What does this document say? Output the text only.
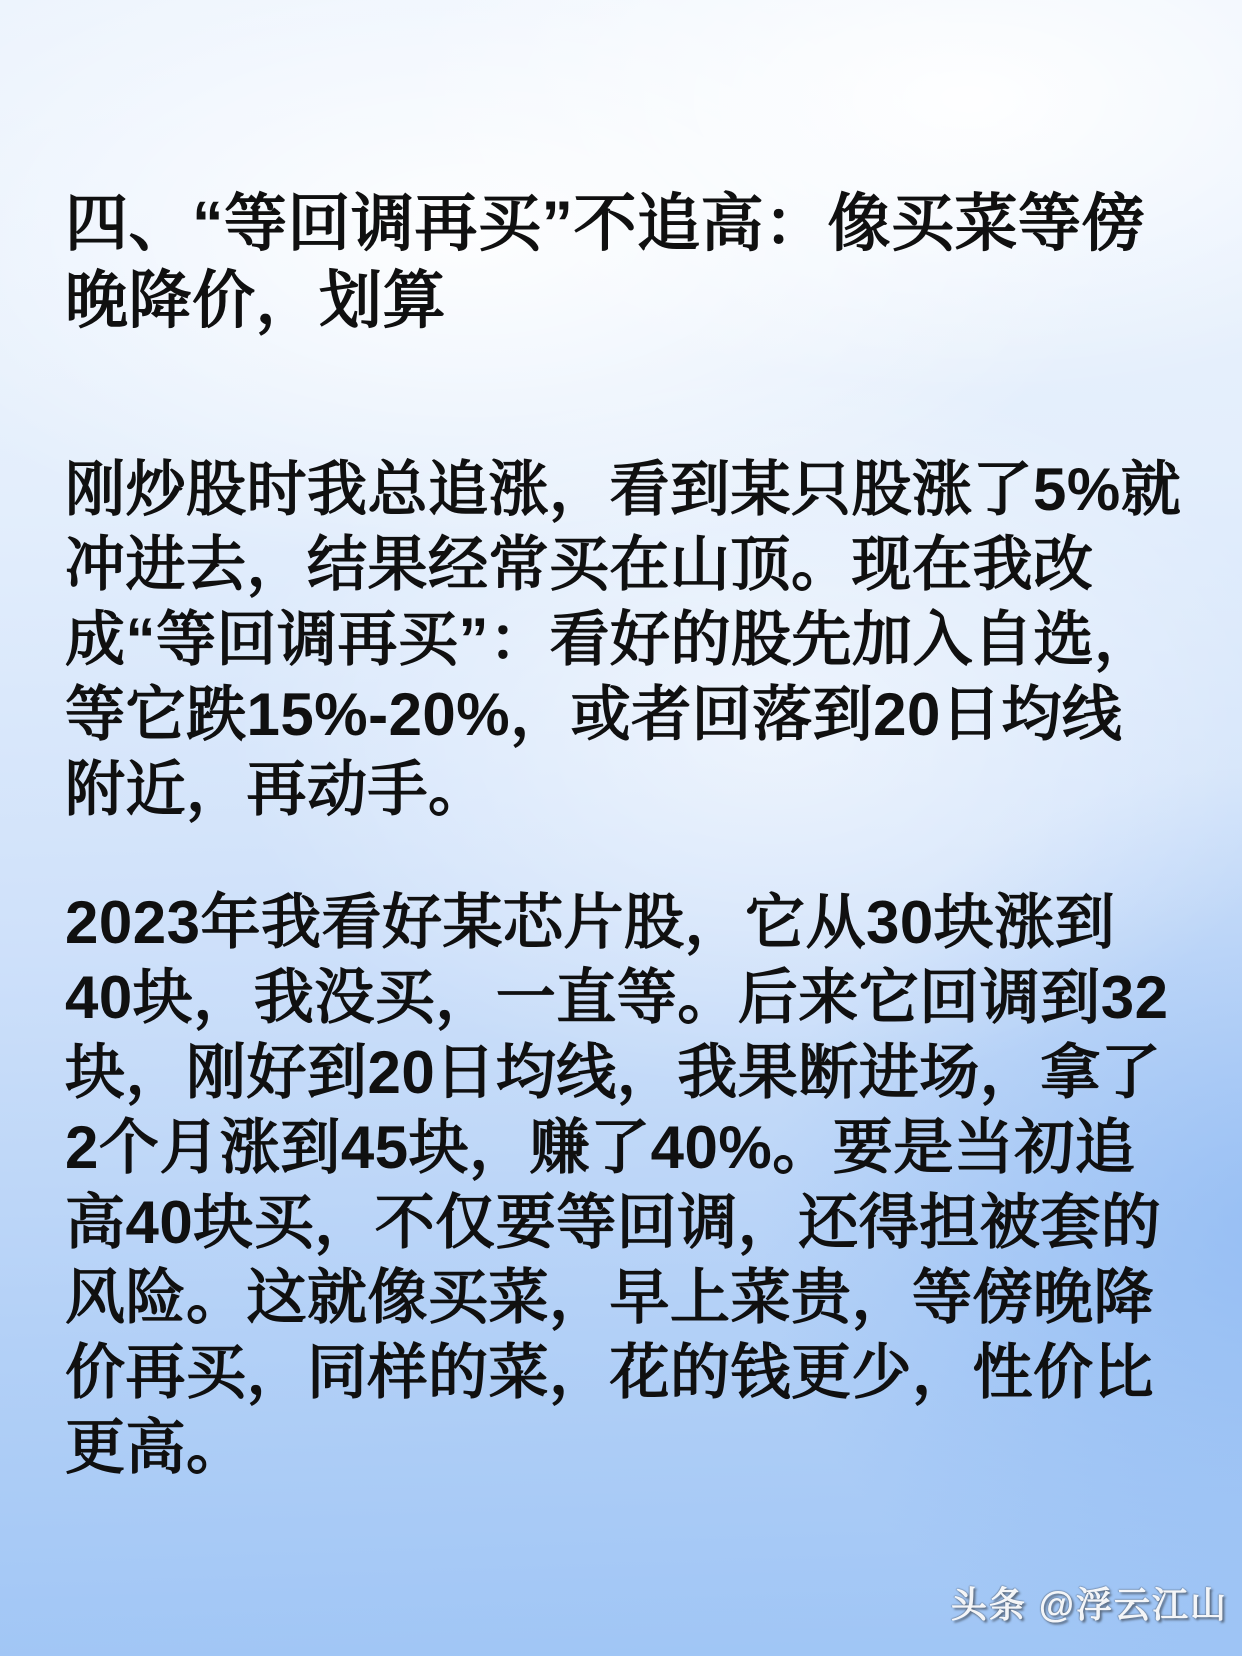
四、“等回调再买”不追高：像买菜等傍晚降价，划算

刚炒股时我总追涨，看到某只股涨了5%就冲进去，结果经常买在山顶。现在我改成“等回调再买”：看好的股先加入自选，等它跌15%-20%，或者回落到20日均线附近，再动手。

2023年我看好某芯片股，它从30块涨到40块，我没买，一直等。后来它回调到32块，刚好到20日均线，我果断进场，拿了2个月涨到45块，赚了40%。要是当初追高40块买，不仅要等回调，还得担被套的风险。这就像买菜，早上菜贵，等傍晚降价再买，同样的菜，花的钱更少，性价比更高。

头条 @浮云江山
